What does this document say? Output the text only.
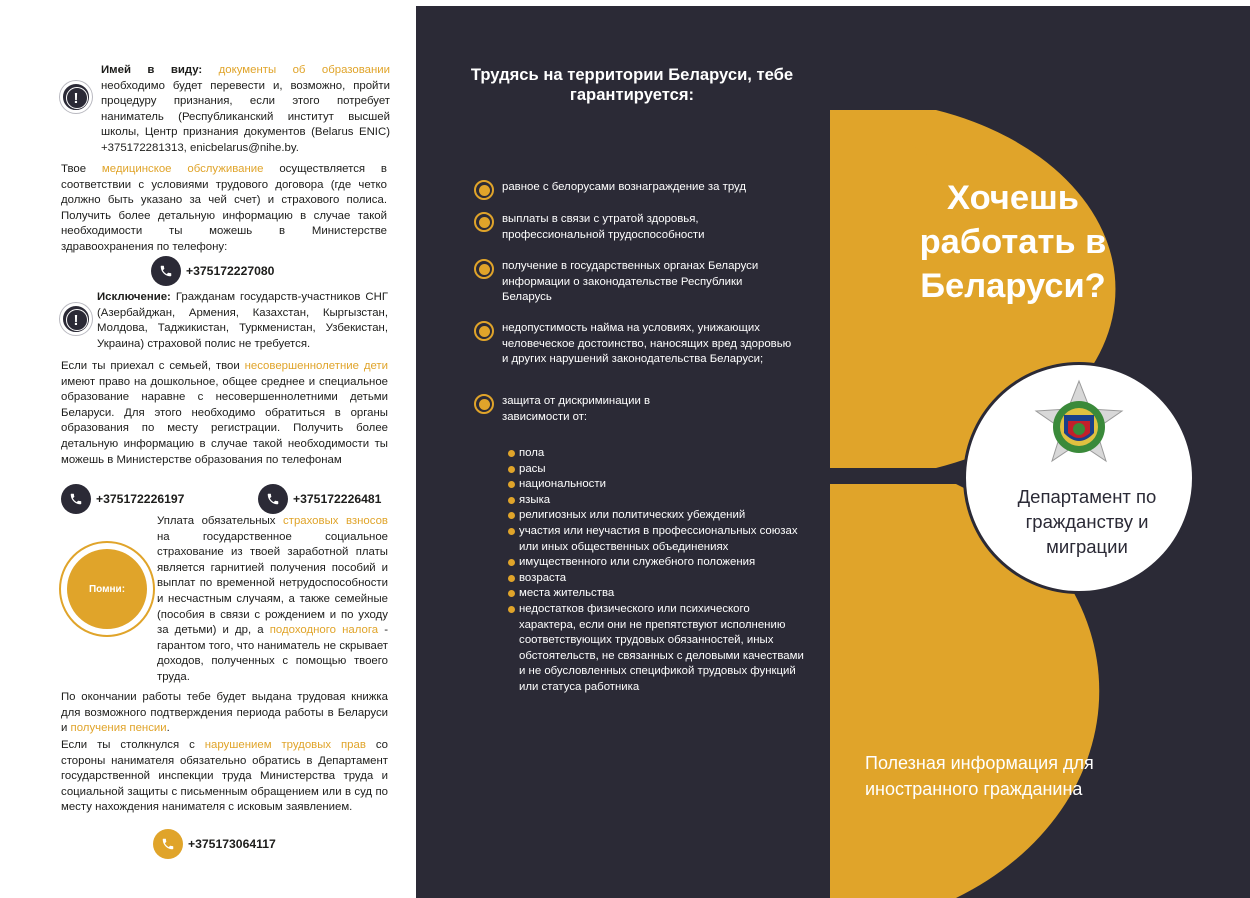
!
Имей в виду: документы об образовании необходимо будет перевести и, возможно, пройти процедуру признания, если этого потребует наниматель (Республиканский институт высшей школы, Центр признания документов (Belarus ENIC) +375172281313, enicbelarus@nihe.by.
Твое медицинское обслуживание осуществляется в соответствии с условиями трудового договора (где четко должно быть указано за чей счет) и страхового полиса. Получить более детальную информацию в случае такой необходимости ты можешь в Министерстве здравоохранения по телефону:
+375172227080
!
Исключение: Гражданам государств-участников СНГ (Азербайджан, Армения, Казахстан, Кыргызстан, Молдова, Таджикистан, Туркменистан, Узбекистан, Украина) страховой полис не требуется.
Если ты приехал с семьей, твои несовершеннолетние дети имеют право на дошкольное, общее среднее и специальное образование наравне с несовершеннолетними детьми Беларуси. Для этого необходимо обратиться в органы образования по месту регистрации. Получить более детальную информацию в случае такой необходимости ты можешь в Министерстве образования по телефонам
+375172226197	+375172226481
Помни:
Уплата обязательных страховых взносов на государственное социальное страхование из твоей заработной платы является гарнитией получения пособий и выплат по временной нетрудоспособности и несчастным случаям, а также семейные (пособия в связи с рождением и по уходу за детьми) и др, а подоходного налога - гарантом того, что наниматель не скрывает доходов, полученных с помощью твоего труда.
По окончании работы тебе будет выдана трудовая книжка для возможного подтверждения периода работы в Беларуси и получения пенсии.
Если ты столкнулся с нарушением трудовых прав со стороны нанимателя обязательно обратись в Департамент государственной инспекции труда Министерства труда и социальной защиты с письменным обращением или в суд по месту нахождения нанимателя с исковым заявлением.
+375173064117
Трудясь на территории Беларуси, тебе гарантируется:
равное с белорусами вознаграждение за труд
выплаты в связи с утратой здоровья, профессиональной трудоспособности
получение в государственных органах Беларуси информации о законодательстве Республики Беларусь
недопустимость найма на условиях, унижающих человеческое достоинство, наносящих вред здоровью и других нарушений законодательства Беларуси;
защита от дискриминации в зависимости от:
пола
расы
национальности
языка
религиозных или политических убеждений
участия или неучастия в профессиональных союзах или иных общественных объединениях
имущественного или служебного положения
возраста
места жительства
недостатков физического или психического характера, если они не препятствуют исполнению соответствующих трудовых обязанностей, иных обстоятельств, не связанных с деловыми качествами и не обусловленных спецификой трудовых функций или статуса работника
Хочешь работать в Беларуси?
Департамент по гражданству и миграции
Полезная информация для иностранного гражданина
